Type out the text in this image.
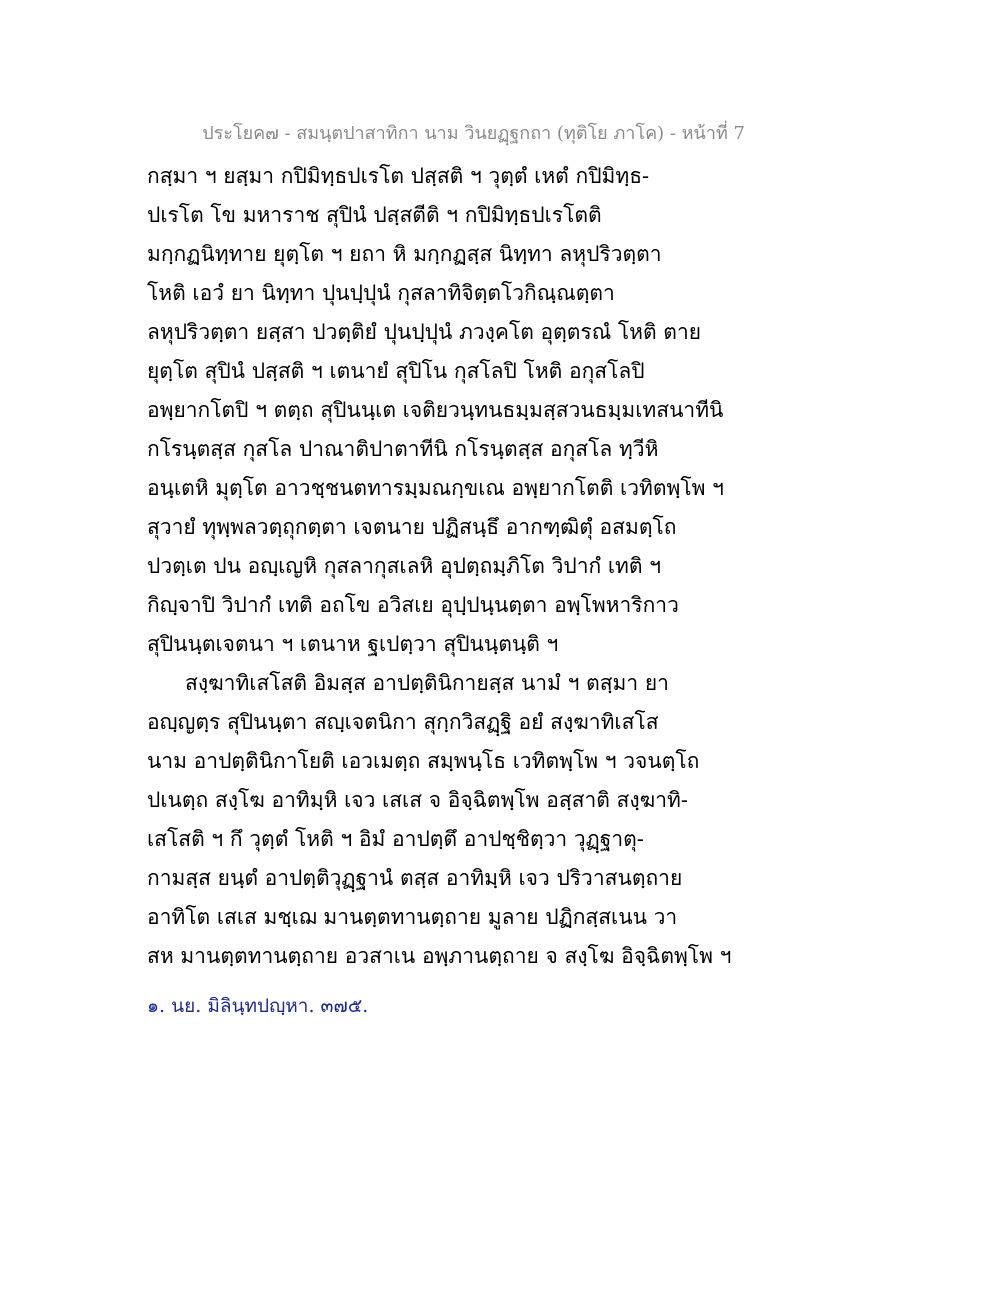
ประโยค๗ - สมนฺตปาสาทิกา นาม วินยฏฺฐกถา (ทุติโย ภาโค) - หน้าที่ 7
กสฺมา ฯ ยสฺมา กปิมิทฺธปเรโต ปสฺสติ ฯ วุตฺตํ เหตํ กปิมิทฺธ-
ปเรโต โข มหาราช สุปินํ ปสฺสตีติ ฯ กปิมิทฺธปเรโตติ
มกฺกฏนิทฺทาย ยุตฺโต ฯ ยถา หิ มกฺกฏสฺส นิทฺทา ลหุปริวตฺตา
โหติ เอวํ ยา นิทฺทา ปุนปฺปุนํ กุสลาทิจิตฺตโวกิณฺณตฺตา
ลหุปริวตฺตา ยสฺสา ปวตฺติยํ ปุนปฺปุนํ ภวงฺคโต อุตฺตรณํ โหติ ตาย
ยุตฺโต สุปินํ ปสฺสติ ฯ เตนายํ สุปิโน กุสโลปิ โหติ อกุสโลปิ
อพฺยากโตปิ ฯ ตตฺถ สุปินนฺเต เจติยวนฺทนธมฺมสฺสวนธมฺมเทสนาทีนิ
กโรนฺตสฺส กุสโล ปาณาติปาตาทีนิ กโรนฺตสฺส อกุสโล ทฺวีหิ
อนฺเตหิ มุตฺโต อาวชฺชนตทารมฺมณกฺขเณ อพฺยากโตติ เวทิตพฺโพ ฯ
สุวายํ ทุพฺพลวตฺถุกตฺตา เจตนาย ปฏิสนฺธึ อากฑฺฒิตุํ อสมตฺโถ
ปวตฺเต ปน อญฺเญหิ กุสลากุสเลหิ อุปตฺถมฺภิโต วิปากํ เทติ ฯ
กิญฺจาปิ วิปากํ เทติ อถโข อวิสเย อุปฺปนฺนตฺตา อพฺโพหาริกาว
สุปินนฺตเจตนา ฯ เตนาห ฐเปตฺวา สุปินนฺตนฺติ ฯ
สงฺฆาทิเสโสติ อิมสฺส อาปตฺตินิกายสฺส นามํ ฯ ตสฺมา ยา
อญฺญตฺร สุปินนฺตา สญฺเจตนิกา สุกฺกวิสฏฺฐิ อยํ สงฺฆาทิเสโส
นาม อาปตฺตินิกาโยติ เอวเมตฺถ สมฺพนฺโธ เวทิตพฺโพ ฯ วจนตฺโถ
ปเนตฺถ สงฺโฆ อาทิมฺหิ เจว เสเส จ อิจฺฉิตพฺโพ อสฺสาติ สงฺฆาทิ-
เสโสติ ฯ กึ วุตฺตํ โหติ ฯ อิมํ อาปตฺตึ อาปชฺชิตฺวา วุฏฺฐาตุ-
กามสฺส ยนฺตํ อาปตฺติวุฏฺฐานํ ตสฺส อาทิมฺหิ เจว ปริวาสนตฺถาย
อาทิโต เสเส มชฺเฌ มานตฺตทานตฺถาย มูลาย ปฏิกสฺสเนน วา
สห มานตฺตทานตฺถาย อวสาเน อพฺภานตฺถาย จ สงฺโฆ อิจฺฉิตพฺโพ ฯ
๑. นย. มิลินฺทปญฺหา. ๓๗๕.
